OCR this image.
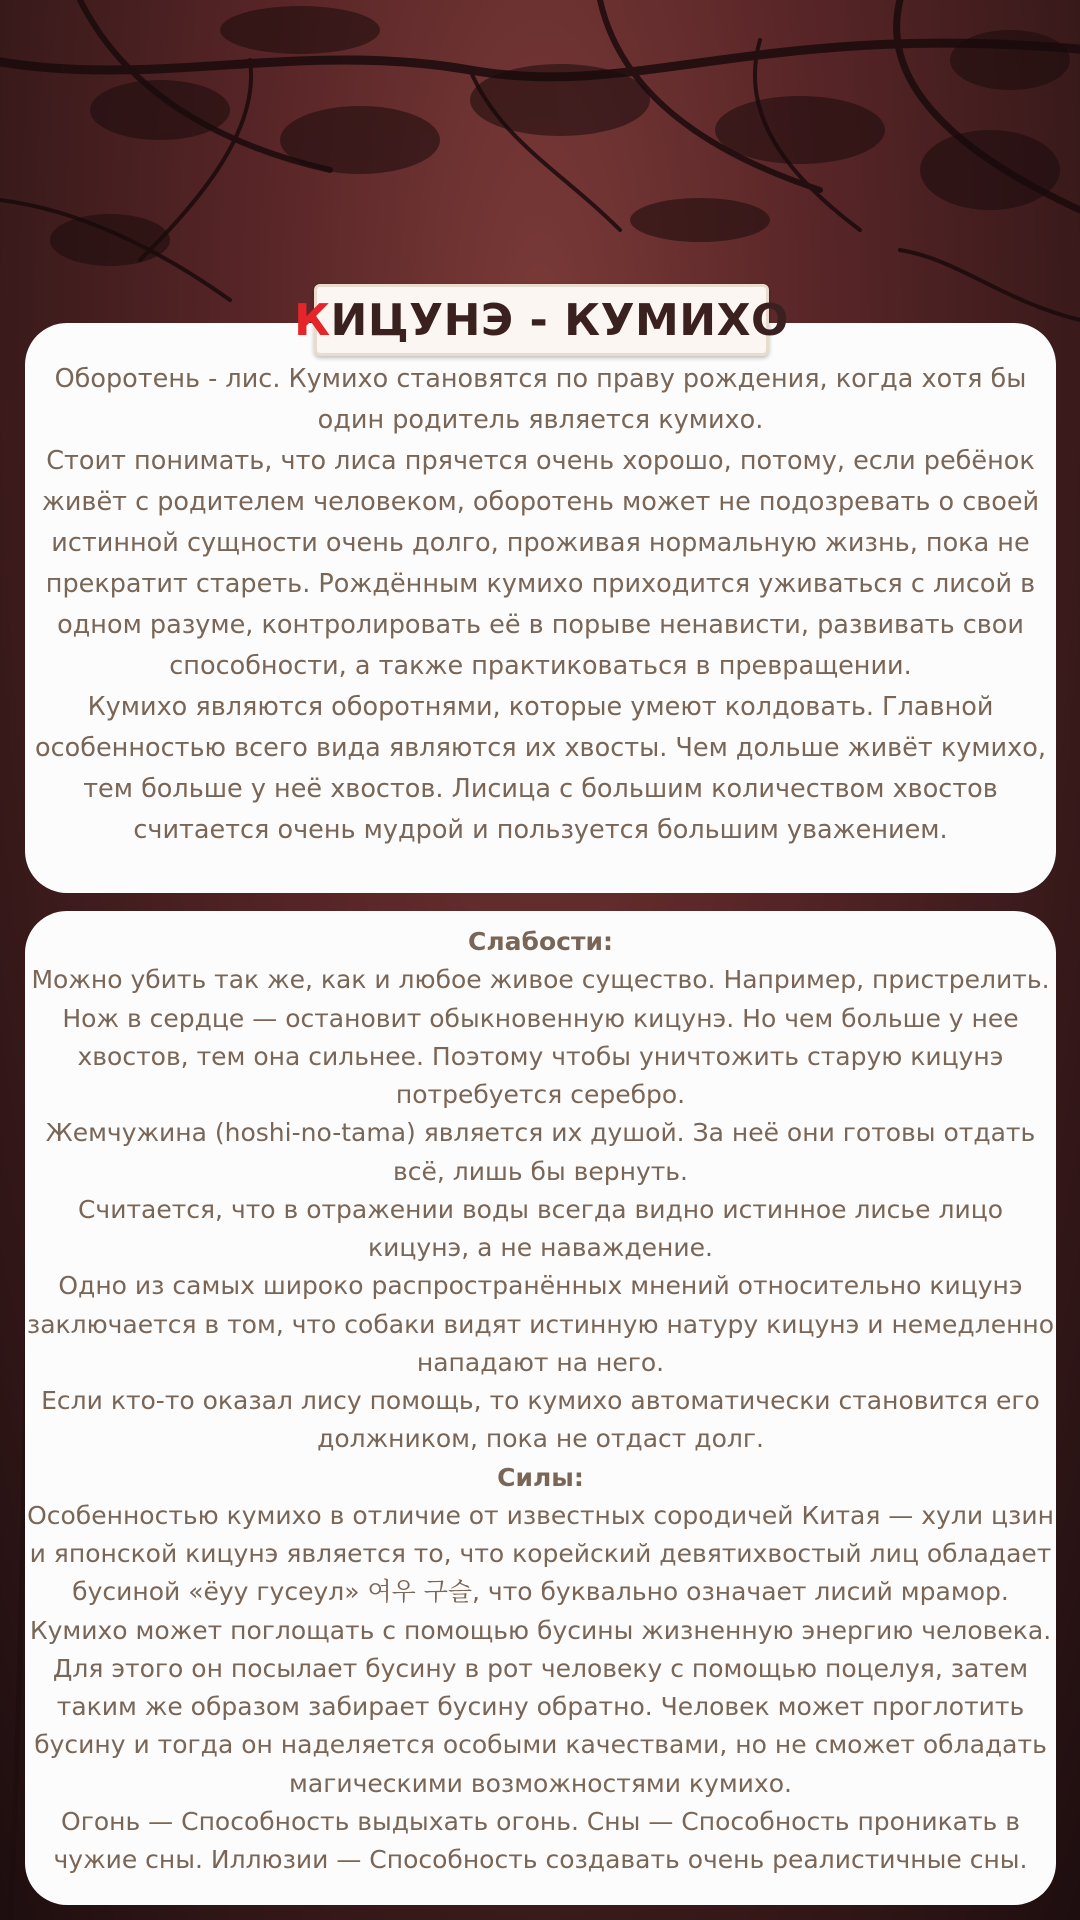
КИЦУНЭ - КУМИХО

Оборотень - лис. Кумихо становятся по праву рождения, когда хотя бы один родитель является кумихо.

Стоит понимать, что лиса прячется очень хорошо, потому, если ребёнок живёт с родителем человеком, оборотень может не подозревать о своей истинной сущности очень долго, проживая нормальную жизнь, пока не прекратит стареть. Рождённым кумихо приходится уживаться с лисой в одном разуме, контролировать её в порыве ненависти, развивать свои способности, а также практиковаться в превращении.

Кумихо являются оборотнями, которые умеют колдовать. Главной особенностью всего вида являются их хвосты. Чем дольше живёт кумихо, тем больше у неё хвостов. Лисица с большим количеством хвостов считается очень мудрой и пользуется большим уважением.

Слабости:

Можно убить так же, как и любое живое существо. Например, пристрелить. Нож в сердце — остановит обыкновенную кицунэ. Но чем больше у нее хвостов, тем она сильнее. Поэтому чтобы уничтожить старую кицунэ потребуется серебро.

Жемчужина (hoshi-no-tama) является их душой. За неё они готовы отдать всё, лишь бы вернуть.

Считается, что в отражении воды всегда видно истинное лисье лицо кицунэ, а не наваждение.

Одно из самых широко распространённых мнений относительно кицунэ заключается в том, что собаки видят истинную натуру кицунэ и немедленно нападают на него.

Если кто-то оказал лису помощь, то кумихо автоматически становится его должником, пока не отдаст долг.

Силы:

Особенностью кумихо в отличие от известных сородичей Китая — хули цзин и японской кицунэ является то, что корейский девятихвостый лиц обладает бусиной «ёуу гусеул» 여우 구슬, что буквально означает лисий мрамор.

Кумихо может поглощать с помощью бусины жизненную энергию человека. Для этого он посылает бусину в рот человеку с помощью поцелуя, затем таким же образом забирает бусину обратно. Человек может проглотить бусину и тогда он наделяется особыми качествами, но не сможет обладать магическими возможностями кумихо.

Огонь — Способность выдыхать огонь. Сны — Способность проникать в чужие сны. Иллюзии — Способность создавать очень реалистичные сны.
